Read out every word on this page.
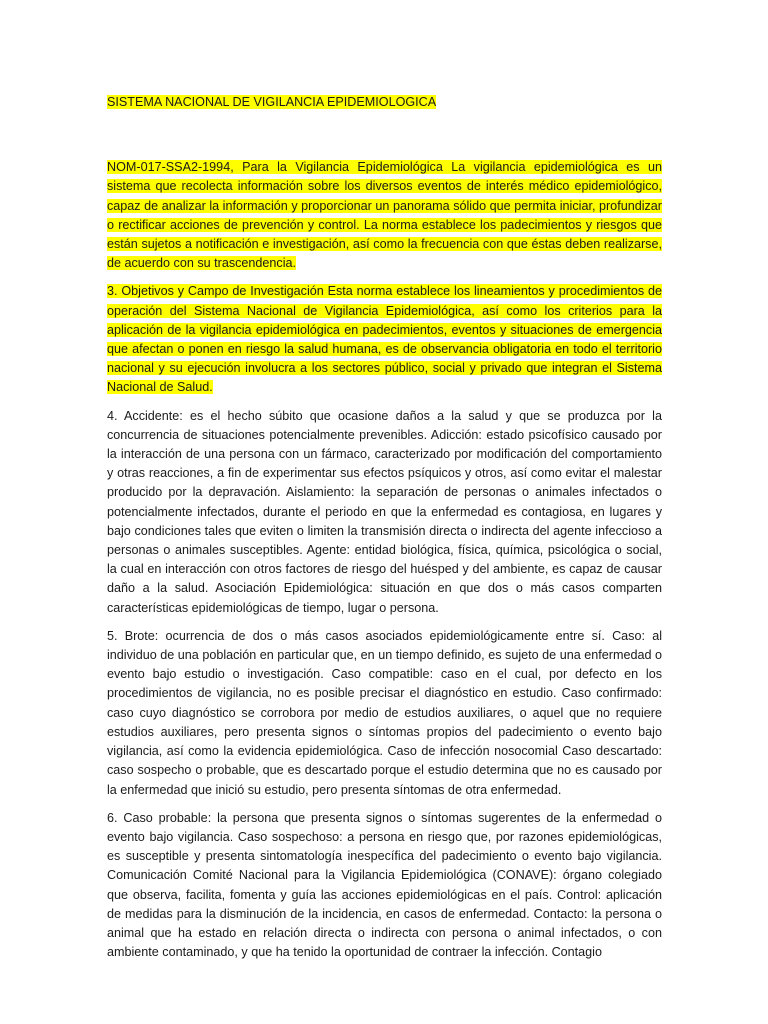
SISTEMA NACIONAL DE VIGILANCIA EPIDEMIOLOGICA

NOM-017-SSA2-1994, Para la Vigilancia Epidemiológica La vigilancia epidemiológica es un sistema que recolecta información sobre los diversos eventos de interés médico epidemiológico, capaz de analizar la información y proporcionar un panorama sólido que permita iniciar, profundizar o rectificar acciones de prevención y control. La norma establece los padecimientos y riesgos que están sujetos a notificación e investigación, así como la frecuencia con que éstas deben realizarse, de acuerdo con su trascendencia.

3. Objetivos y Campo de Investigación Esta norma establece los lineamientos y procedimientos de operación del Sistema Nacional de Vigilancia Epidemiológica, así como los criterios para la aplicación de la vigilancia epidemiológica en padecimientos, eventos y situaciones de emergencia que afectan o ponen en riesgo la salud humana, es de observancia obligatoria en todo el territorio nacional y su ejecución involucra a los sectores público, social y privado que integran el Sistema Nacional de Salud.

4. Accidente: es el hecho súbito que ocasione daños a la salud y que se produzca por la concurrencia de situaciones potencialmente prevenibles. Adicción: estado psicofísico causado por la interacción de una persona con un fármaco, caracterizado por modificación del comportamiento y otras reacciones, a fin de experimentar sus efectos psíquicos y otros, así como evitar el malestar producido por la depravación. Aislamiento: la separación de personas o animales infectados o potencialmente infectados, durante el periodo en que la enfermedad es contagiosa, en lugares y bajo condiciones tales que eviten o limiten la transmisión directa o indirecta del agente infeccioso a personas o animales susceptibles. Agente: entidad biológica, física, química, psicológica o social, la cual en interacción con otros factores de riesgo del huésped y del ambiente, es capaz de causar daño a la salud. Asociación Epidemiológica: situación en que dos o más casos comparten características epidemiológicas de tiempo, lugar o persona.

5. Brote: ocurrencia de dos o más casos asociados epidemiológicamente entre sí. Caso: al individuo de una población en particular que, en un tiempo definido, es sujeto de una enfermedad o evento bajo estudio o investigación. Caso compatible: caso en el cual, por defecto en los procedimientos de vigilancia, no es posible precisar el diagnóstico en estudio. Caso confirmado: caso cuyo diagnóstico se corrobora por medio de estudios auxiliares, o aquel que no requiere estudios auxiliares, pero presenta signos o síntomas propios del padecimiento o evento bajo vigilancia, así como la evidencia epidemiológica. Caso de infección nosocomial Caso descartado: caso sospecho o probable, que es descartado porque el estudio determina que no es causado por la enfermedad que inició su estudio, pero presenta síntomas de otra enfermedad.

6. Caso probable: la persona que presenta signos o síntomas sugerentes de la enfermedad o evento bajo vigilancia. Caso sospechoso: a persona en riesgo que, por razones epidemiológicas, es susceptible y presenta sintomatología inespecífica del padecimiento o evento bajo vigilancia. Comunicación Comité Nacional para la Vigilancia Epidemiológica (CONAVE): órgano colegiado que observa, facilita, fomenta y guía las acciones epidemiológicas en el país. Control: aplicación de medidas para la disminución de la incidencia, en casos de enfermedad. Contacto: la persona o animal que ha estado en relación directa o indirecta con persona o animal infectados, o con ambiente contaminado, y que ha tenido la oportunidad de contraer la infección. Contagio
